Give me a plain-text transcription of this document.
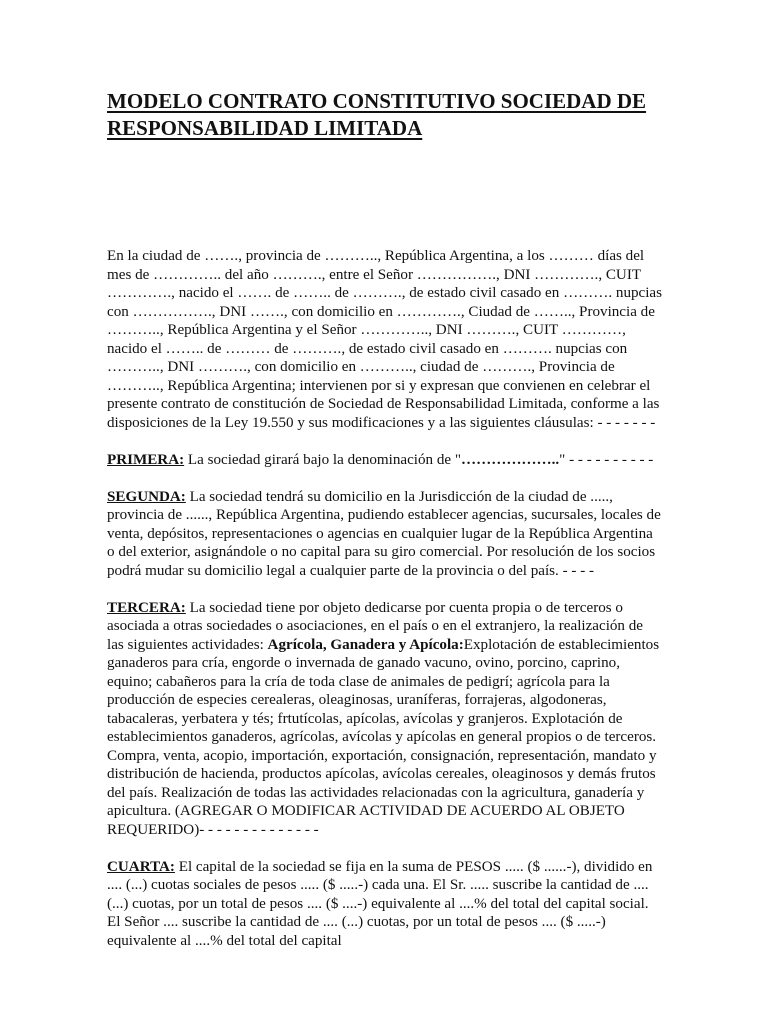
MODELO CONTRATO CONSTITUTIVO SOCIEDAD DE RESPONSABILIDAD LIMITADA

En la ciudad de ……., provincia de ……….., República Argentina, a los ……… días del mes de ………….. del año ………., entre el Señor ……………., DNI …………., CUIT …………., nacido el ……. de …….. de ………., de estado civil casado en ………. nupcias con ……………., DNI ……., con domicilio en …………., Ciudad de …….., Provincia de ……….., República Argentina y el Señor ………….., DNI ………., CUIT …………, nacido el …….. de ……… de ………., de estado civil casado en ………. nupcias con ……….., DNI ………., con domicilio en ……….., ciudad de ………., Provincia de ……….., República Argentina; intervienen por si y expresan que convienen en celebrar el presente contrato de constitución de Sociedad de Responsabilidad Limitada, conforme a las disposiciones de la Ley 19.550 y sus modificaciones y a las siguientes cláusulas: - - - - - - -

PRIMERA: La sociedad girará bajo la denominación de "……………….." - - - - - - - - - -

SEGUNDA: La sociedad tendrá su domicilio en la Jurisdicción de la ciudad de ....., provincia de ......, República Argentina, pudiendo establecer agencias, sucursales, locales de venta, depósitos, representaciones o agencias en cualquier lugar de la República Argentina o del exterior, asignándole o no capital para su giro comercial. Por resolución de los socios podrá mudar su domicilio legal a cualquier parte de la provincia o del país. - - - -

TERCERA: La sociedad tiene por objeto dedicarse por cuenta propia o de terceros o asociada a otras sociedades o asociaciones, en el país o en el extranjero, la realización de las siguientes actividades: Agrícola, Ganadera y Apícola:Explotación de establecimientos ganaderos para cría, engorde o invernada de ganado vacuno, ovino, porcino, caprino, equino; cabañeros para la cría de toda clase de animales de pedigrí; agrícola para la producción de especies cerealeras, oleaginosas, uraníferas, forrajeras, algodoneras, tabacaleras, yerbatera y tés; frtutícolas, apícolas, avícolas y granjeros. Explotación de establecimientos ganaderos, agrícolas, avícolas y apícolas en general propios o de terceros. Compra, venta, acopio, importación, exportación, consignación, representación, mandato y distribución de hacienda, productos apícolas, avícolas cereales, oleaginosos y demás frutos del país. Realización de todas las actividades relacionadas con la agricultura, ganadería y apicultura. (AGREGAR O MODIFICAR ACTIVIDAD DE ACUERDO AL OBJETO REQUERIDO)- - - - - - - - - - - - - -

CUARTA: El capital de la sociedad se fija en la suma de PESOS ..... ($ ......-), dividido en .... (...) cuotas sociales de pesos ..... ($ .....-) cada una. El Sr. ..... suscribe la cantidad de .... (...) cuotas, por un total de pesos .... ($ ....-) equivalente al ....% del total del capital social. El Señor .... suscribe la cantidad de .... (...) cuotas, por un total de pesos .... ($ .....-) equivalente al ....% del total del capital
